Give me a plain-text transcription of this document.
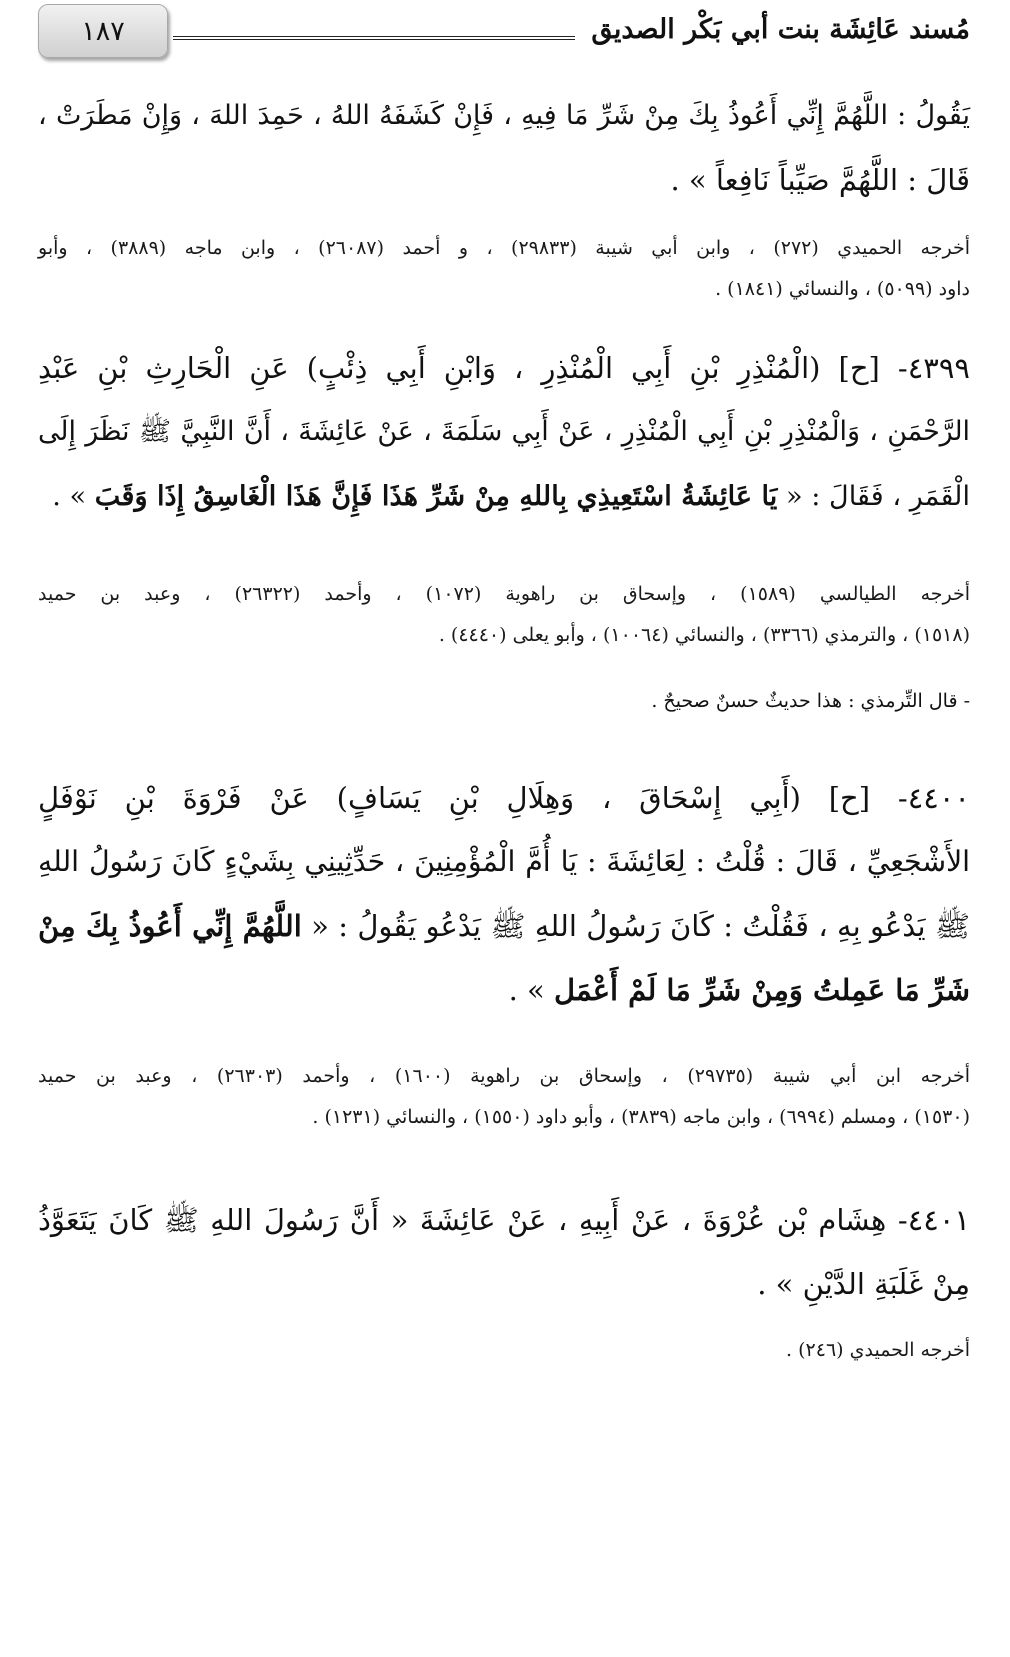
مُسند عَائِشَة بنت أبي بَكْر الصديق
١٨٧
يَقُولُ : اللَّهُمَّ إِنِّي أَعُوذُ بِكَ مِنْ شَرِّ مَا فِيهِ ، فَإِنْ كَشَفَهُ اللهُ ، حَمِدَ اللهَ ، وَإِنْ مَطَرَتْ ،
قَالَ : اللَّهُمَّ صَيِّباً نَافِعاً » .
أخرجه الحميدي (٢٧٢) ، وابن أبي شيبة (٢٩٨٣٣) ، و أحمد (٢٦٠٨٧) ، وابن ماجه (٣٨٨٩) ، وأبو
داود (٥٠٩٩) ، والنسائي (١٨٤١) .
٤٣٩٩- [ح] (الْمُنْذِرِ بْنِ أَبِي الْمُنْذِرِ ، وَابْنِ أَبِي ذِئْبٍ) عَنِ الْحَارِثِ بْنِ عَبْدِ
الرَّحْمَنِ ، وَالْمُنْذِرِ بْنِ أَبِي الْمُنْذِرِ ، عَنْ أَبِي سَلَمَةَ ، عَنْ عَائِشَةَ ، أَنَّ النَّبِيَّ ﷺ نَظَرَ إِلَى
الْقَمَرِ ، فَقَالَ : « يَا عَائِشَةُ اسْتَعِيذِي بِاللهِ مِنْ شَرِّ هَذَا فَإِنَّ هَذَا الْغَاسِقُ إِذَا وَقَبَ » .
أخرجه الطيالسي (١٥٨٩) ، وإسحاق بن راهوية (١٠٧٢) ، وأحمد (٢٦٣٢٢) ، وعبد بن حميد
(١٥١٨) ، والترمذي (٣٣٦٦) ، والنسائي (١٠٠٦٤) ، وأبو يعلى (٤٤٤٠) .
- قال التِّرمذي : هذا حديثٌ حسنٌ صحيحٌ .
٤٤٠٠- [ح] (أَبِي إِسْحَاقَ ، وَهِلَالِ بْنِ يَسَافٍ) عَنْ فَرْوَةَ بْنِ نَوْفَلٍ
الأَشْجَعِيِّ ، قَالَ : قُلْتُ : لِعَائِشَةَ : يَا أُمَّ الْمُؤْمِنِينَ ، حَدِّثِينِي بِشَيْءٍ كَانَ رَسُولُ اللهِ
ﷺ يَدْعُو بِهِ ، فَقُلْتُ : كَانَ رَسُولُ اللهِ ﷺ يَدْعُو يَقُولُ : « اللَّهُمَّ إِنِّي أَعُوذُ بِكَ مِنْ
شَرِّ مَا عَمِلتُ وَمِنْ شَرِّ مَا لَمْ أَعْمَل » .
أخرجه ابن أبي شيبة (٢٩٧٣٥) ، وإسحاق بن راهوية (١٦٠٠) ، وأحمد (٢٦٣٠٣) ، وعبد بن حميد
(١٥٣٠) ، ومسلم (٦٩٩٤) ، وابن ماجه (٣٨٣٩) ، وأبو داود (١٥٥٠) ، والنسائي (١٢٣١) .
٤٤٠١- هِشَام بْن عُرْوَةَ ، عَنْ أَبِيهِ ، عَنْ عَائِشَةَ « أَنَّ رَسُولَ اللهِ ﷺ كَانَ يَتَعَوَّذُ
مِنْ غَلَبَةِ الدَّيْنِ » .
أخرجه الحميدي (٢٤٦) .
